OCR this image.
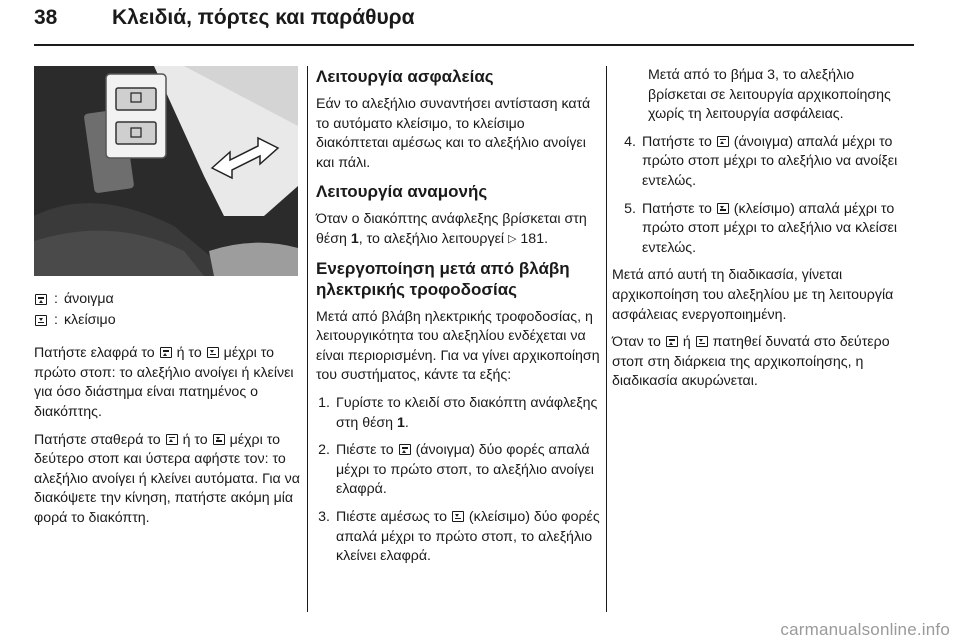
38	Κλειδιά, πόρτες και παράθυρα
: άνοιγμα
: κλείσιμο

Πατήστε ελαφρά το ή το μέχρι το πρώτο στοπ: το αλεξήλιο ανοίγει ή κλείνει για όσο διάστημα είναι πατημένος ο διακόπτης.

Πατήστε σταθερά το ή το μέχρι το δεύτερο στοπ και ύστερα αφήστε τον: το αλεξήλιο ανοίγει ή κλείνει αυτόματα. Για να διακόψετε την κίνηση, πατήστε ακόμη μία φορά το διακόπτη.

Λειτουργία ασφαλείας

Εάν το αλεξήλιο συναντήσει αντίσταση κατά το αυτόματο κλείσιμο, το κλείσιμο διακόπτεται αμέσως και το αλεξήλιο ανοίγει και πάλι.

Λειτουργία αναμονής

Όταν ο διακόπτης ανάφλεξης βρίσκεται στη θέση 1, το αλεξήλιο λειτουργεί ▷ 181.

Ενεργοποίηση μετά από βλάβη ηλεκτρικής τροφοδοσίας

Μετά από βλάβη ηλεκτρικής τροφοδοσίας, η λειτουργικότητα του αλεξηλίου ενδέχεται να είναι περιορισμένη. Για να γίνει αρχικοποίηση του συστήματος, κάντε τα εξής:

1. Γυρίστε το κλειδί στο διακόπτη ανάφλεξης στη θέση 1.
2. Πιέστε το (άνοιγμα) δύο φορές απαλά μέχρι το πρώτο στοπ, το αλεξήλιο ανοίγει ελαφρά.
3. Πιέστε αμέσως το (κλείσιμο) δύο φορές απαλά μέχρι το πρώτο στοπ, το αλεξήλιο κλείνει ελαφρά.

Μετά από το βήμα 3, το αλεξήλιο βρίσκεται σε λειτουργία αρχικοποίησης χωρίς τη λειτουργία ασφάλειας.

4. Πατήστε το (άνοιγμα) απαλά μέχρι το πρώτο στοπ μέχρι το αλεξήλιο να ανοίξει εντελώς.
5. Πατήστε το (κλείσιμο) απαλά μέχρι το πρώτο στοπ μέχρι το αλεξήλιο να κλείσει εντελώς.

Μετά από αυτή τη διαδικασία, γίνεται αρχικοποίηση του αλεξηλίου με τη λειτουργία ασφάλειας ενεργοποιημένη.

Όταν το ή πατηθεί δυνατά στο δεύτερο στοπ στη διάρκεια της αρχικοποίησης, η διαδικασία ακυρώνεται.

carmanualsonline.info
